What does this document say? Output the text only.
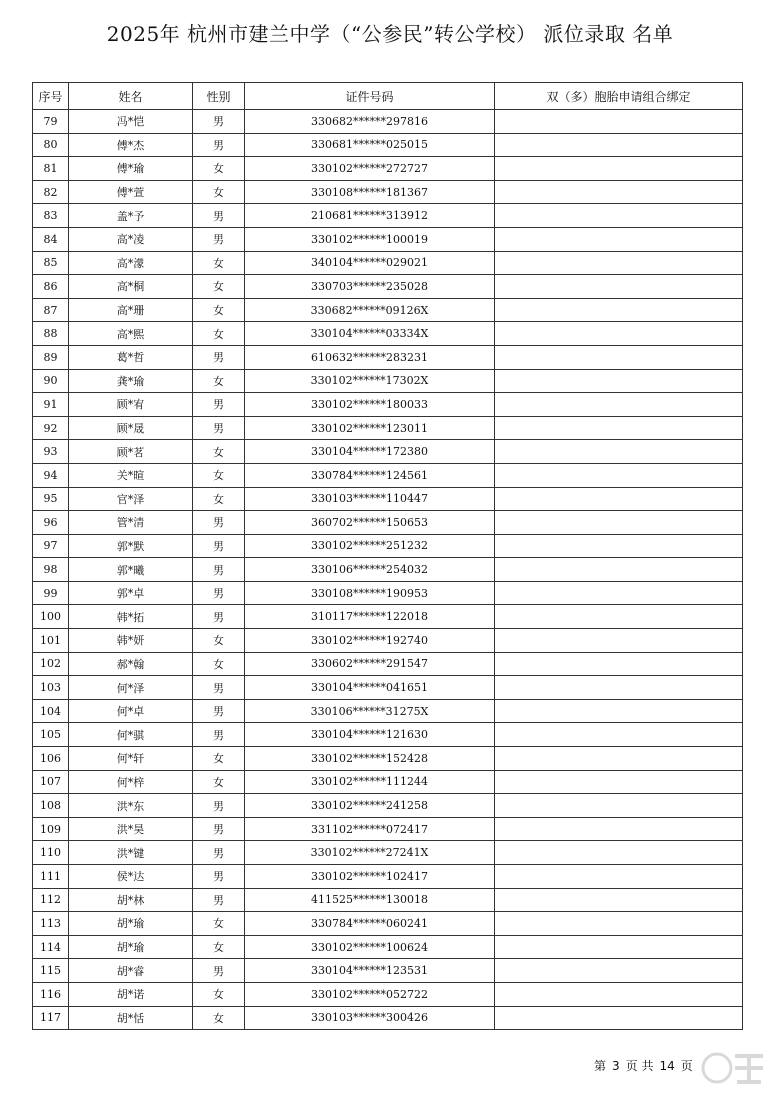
2025年 杭州市建兰中学（“公参民”转公学校） 派位录取 名单
序号	姓名	性别	证件号码	双（多）胞胎申请组合绑定
79	冯*恺	男	330682******297816	
80	傅*杰	男	330681******025015	
81	傅*瑜	女	330102******272727	
82	傅*萱	女	330108******181367	
83	盖*予	男	210681******313912	
84	高*凌	男	330102******100019	
85	高*濛	女	340104******029021	
86	高*桐	女	330703******235028	
87	高*珊	女	330682******09126X	
88	高*熙	女	330104******03334X	
89	葛*哲	男	610632******283231	
90	龚*瑜	女	330102******17302X	
91	顾*宥	男	330102******180033	
92	顾*晟	男	330102******123011	
93	顾*茗	女	330104******172380	
94	关*暄	女	330784******124561	
95	官*泽	女	330103******110447	
96	管*清	男	360702******150653	
97	郭*默	男	330102******251232	
98	郭*曦	男	330106******254032	
99	郭*卓	男	330108******190953	
100	韩*拓	男	310117******122018	
101	韩*妍	女	330102******192740	
102	郝*翰	女	330602******291547	
103	何*泽	男	330104******041651	
104	何*卓	男	330106******31275X	
105	何*骐	男	330104******121630	
106	何*轩	女	330102******152428	
107	何*梓	女	330102******111244	
108	洪*东	男	330102******241258	
109	洪*昊	男	331102******072417	
110	洪*键	男	330102******27241X	
111	侯*达	男	330102******102417	
112	胡*林	男	411525******130018	
113	胡*瑜	女	330784******060241	
114	胡*瑜	女	330102******100624	
115	胡*睿	男	330104******123531	
116	胡*诺	女	330102******052722	
117	胡*恬	女	330103******300426	
第 3 页 共 14 页
